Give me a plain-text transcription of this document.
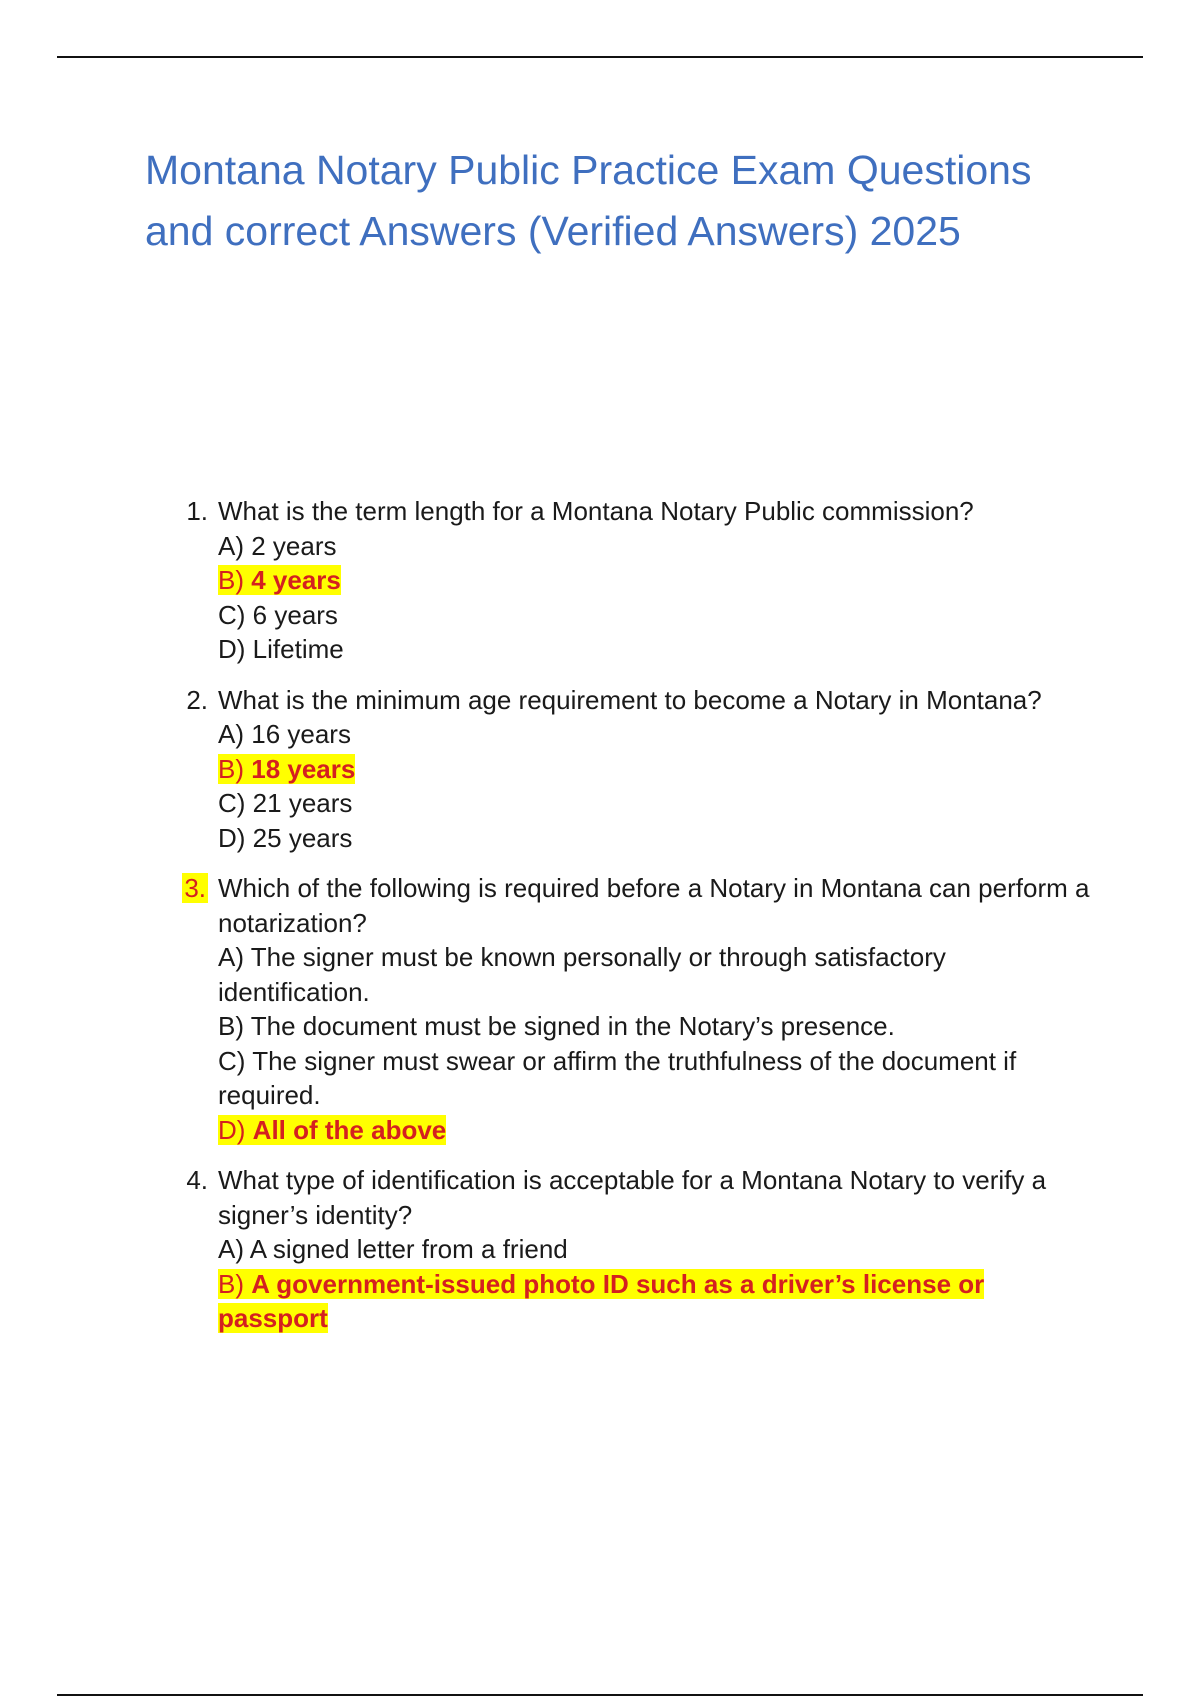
Montana Notary Public Practice Exam Questions and correct Answers (Verified Answers) 2025
1. What is the term length for a Montana Notary Public commission?
A) 2 years
B) 4 years
C) 6 years
D) Lifetime
2. What is the minimum age requirement to become a Notary in Montana?
A) 16 years
B) 18 years
C) 21 years
D) 25 years
3. Which of the following is required before a Notary in Montana can perform a notarization?
A) The signer must be known personally or through satisfactory identification.
B) The document must be signed in the Notary’s presence.
C) The signer must swear or affirm the truthfulness of the document if required.
D) All of the above
4. What type of identification is acceptable for a Montana Notary to verify a signer’s identity?
A) A signed letter from a friend
B) A government-issued photo ID such as a driver’s license or passport
